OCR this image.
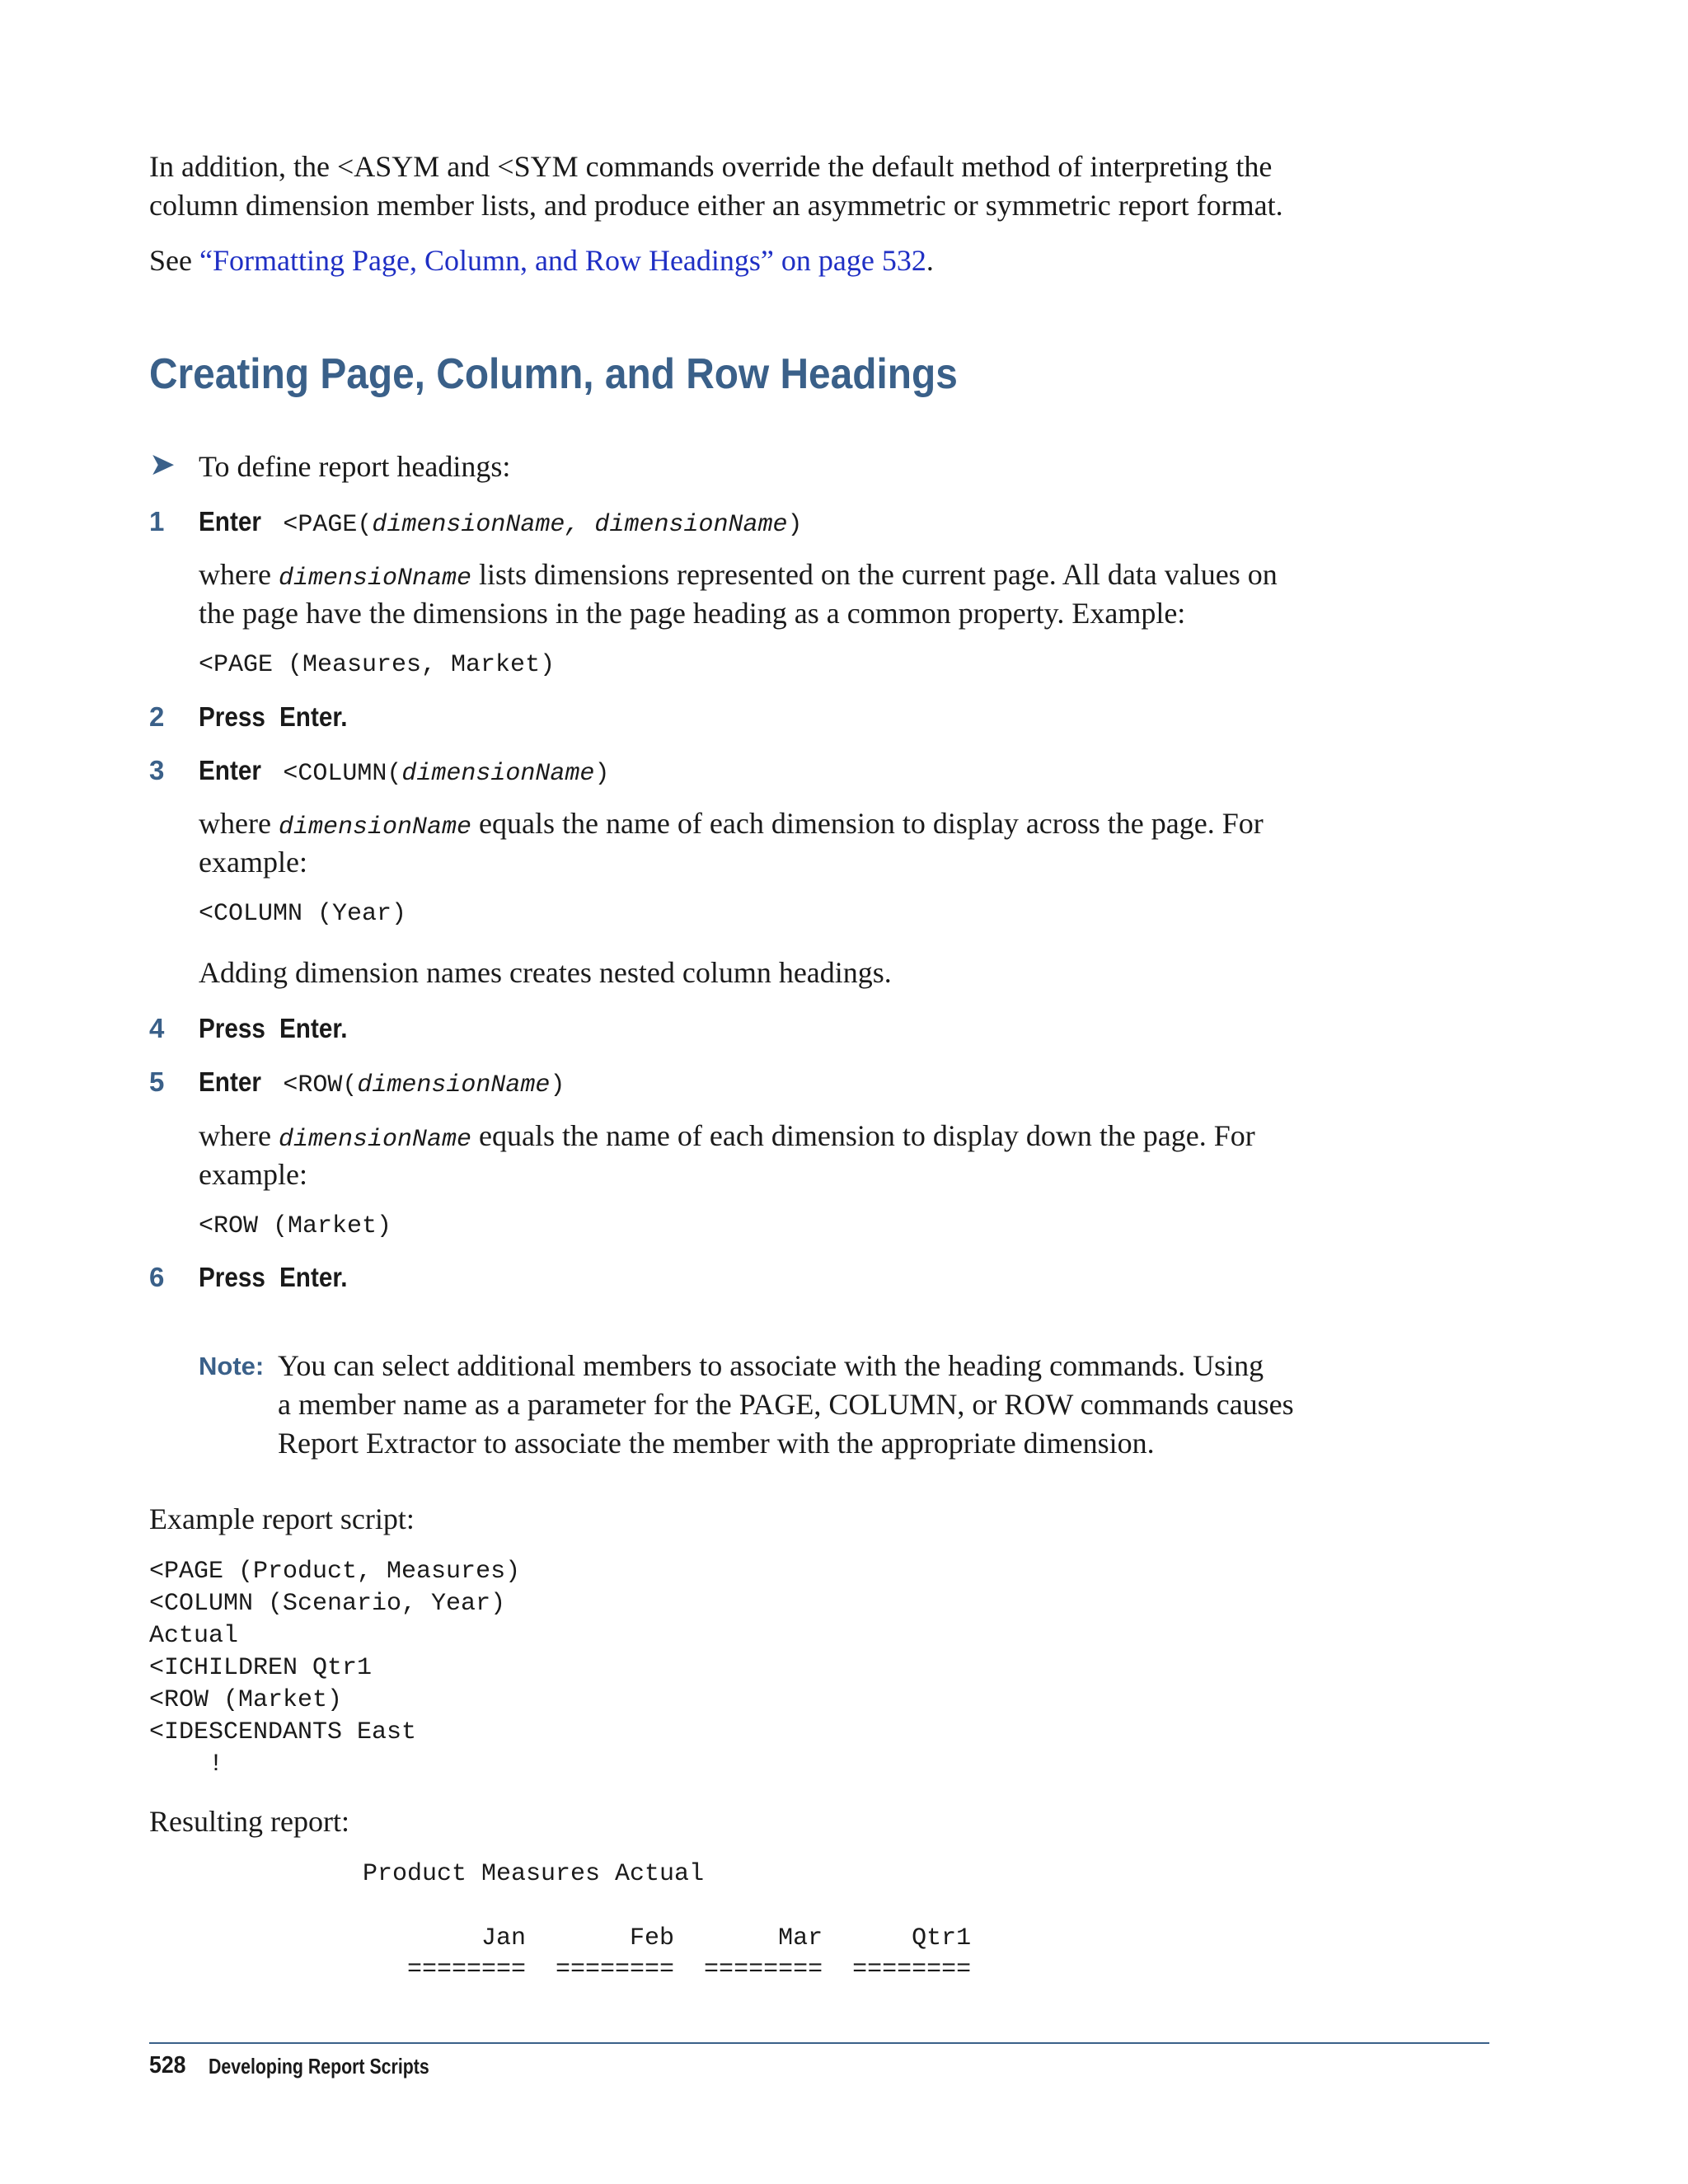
In addition, the <ASYM and <SYM commands override the default method of interpreting the

column dimension member lists, and produce either an asymmetric or symmetric report format.

See “Formatting Page, Column, and Row Headings” on page 532.

Creating Page, Column, and Row Headings
➤ To define report headings:

1 Enter <PAGE( dimensionName, dimensionName )

where dimensioNname lists dimensions represented on the current page. All data values on

the page have the dimensions in the page heading as a common property. Example:

<PAGE (Measures, Market)

2 Press
Enter.

3 Enter <COLUMN( dimensionName )

where dimensionName equals the name of each dimension to display across the page. For

example:

<COLUMN (Year)

Adding dimension names creates nested column headings.

4 Press
Enter.

5 Enter <ROW( dimensionName )

where dimensionName equals the name of each dimension to display down the page. For

example:

<ROW (Market)

6 Press
Enter.

Note: You can select additional members to associate with the heading commands. Using

a member name as a parameter for the PAGE, COLUMN, or ROW commands causes

Report Extractor to associate the member with the appropriate dimension.

Example report script:

<PAGE (Product, Measures)
<COLUMN (Scenario, Year)
Actual
<ICHILDREN Qtr1
<ROW (Market)
<IDESCENDANTS East
!

Resulting report:

Product Measures Actual

Jan       Feb       Mar      Qtr1

========  ========  ========  ========

528 Developing Report Scripts
